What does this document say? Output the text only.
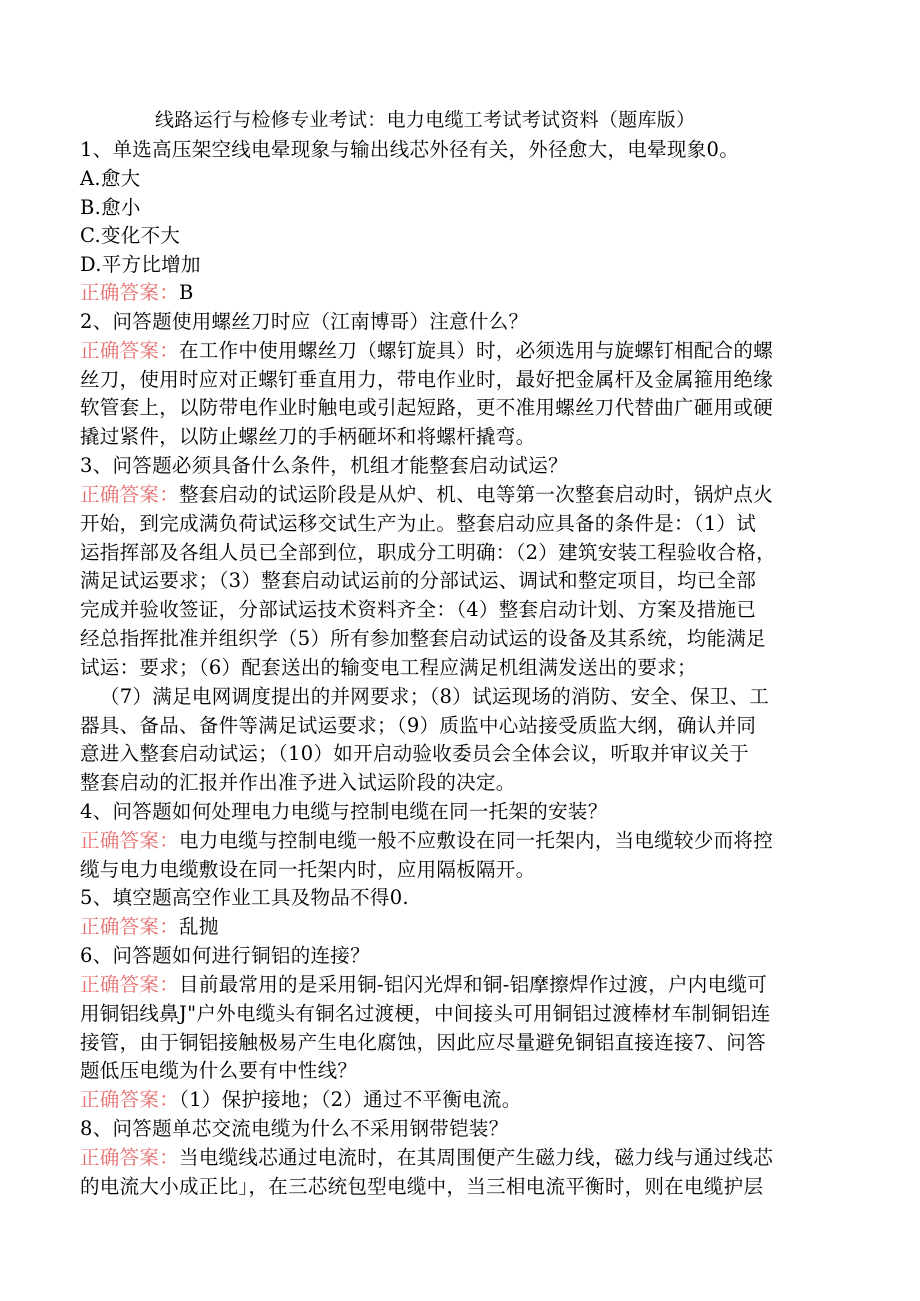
线路运行与检修专业考试：电力电缆工考试考试资料（题库版）
1、单选高压架空线电晕现象与输出线芯外径有关，外径愈大，电晕现象0。
A.愈大
B.愈小
C.变化不大
D.平方比增加
正确答案：B
2、问答题使用螺丝刀时应（江南博哥）注意什么？
正确答案：在工作中使用螺丝刀（螺钉旋具）时，必须选用与旋螺钉相配合的螺
丝刀，使用时应对正螺钉垂直用力，带电作业时，最好把金属杆及金属箍用绝缘
软管套上，以防带电作业时触电或引起短路，更不准用螺丝刀代替曲广砸用或硬
撬过紧件，以防止螺丝刀的手柄砸坏和将螺杆撬弯。
3、问答题必须具备什么条件，机组才能整套启动试运？
正确答案：整套启动的试运阶段是从炉、机、电等第一次整套启动时，锅炉点火
开始，到完成满负荷试运移交试生产为止。整套启动应具备的条件是：（1）试
运指挥部及各组人员已全部到位，职成分工明确：（2）建筑安装工程验收合格，
满足试运要求；（3）整套启动试运前的分部试运、调试和整定项目，均已全部
完成并验收签证，分部试运技术资料齐全：（4）整套启动计划、方案及措施已
经总指挥批准并组织学（5）所有参加整套启动试运的设备及其系统，均能满足
试运：要求；（6）配套送出的输变电工程应满足机组满发送出的要求；
（7）满足电网调度提出的并网要求；（8）试运现场的消防、安全、保卫、工
器具、备品、备件等满足试运要求；（9）质监中心站接受质监大纲，确认并同
意进入整套启动试运；（10）如开启动验收委员会全体会议，听取并审议关于
整套启动的汇报并作出准予进入试运阶段的决定。
4、问答题如何处理电力电缆与控制电缆在同一托架的安装？
正确答案：电力电缆与控制电缆一般不应敷设在同一托架内，当电缆较少而将控
缆与电力电缆敷设在同一托架内时，应用隔板隔开。
5、填空题高空作业工具及物品不得0.
正确答案：乱抛
6、问答题如何进行铜铝的连接？
正确答案：目前最常用的是采用铜-铝闪光焊和铜-铝摩擦焊作过渡，户内电缆可
用铜铝线鼻J"户外电缆头有铜名过渡梗，中间接头可用铜铝过渡棒材车制铜铝连
接管，由于铜铝接触极易产生电化腐蚀，因此应尽量避免铜铝直接连接7、问答
题低压电缆为什么要有中性线？
正确答案：（1）保护接地；（2）通过不平衡电流。
8、问答题单芯交流电缆为什么不采用钢带铠装？
正确答案：当电缆线芯通过电流时，在其周围便产生磁力线，磁力线与通过线芯
的电流大小成正比」，在三芯统包型电缆中，当三相电流平衡时，则在电缆护层
